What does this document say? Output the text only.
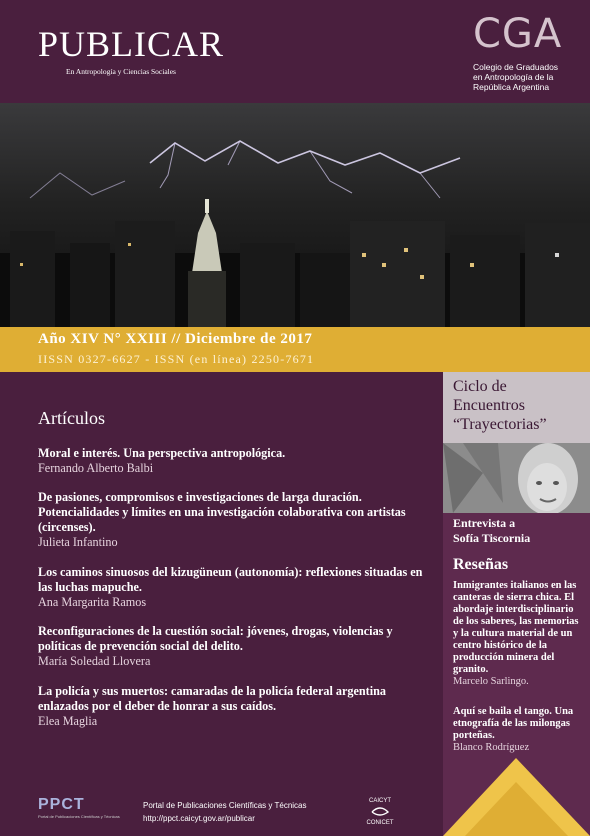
PUBLICAR
En Antropología y Ciencias Sociales
CGA
Colegio de Graduados
en Antropología de la
República Argentina
Año XIV N° XXIII // Diciembre de 2017
IISSN 0327-6627 - ISSN (en línea) 2250-7671
Ciclo de
Encuentros
“Trayectorias”
Entrevista a
Sofía Tiscornia
Reseñas
Inmigrantes italianos en las canteras de sierra chica. El abordaje interdisciplinario de los saberes, las memorias y la cultura material de un centro histórico de la producción minera del granito.
Marcelo Sarlingo.
Aquí se baila el tango. Una etnografía de las milongas porteñas.
Blanco Rodríguez
Artículos
Moral e interés. Una perspectiva antropológica.
Fernando Alberto Balbi
De pasiones, compromisos e investigaciones de larga duración. Potencialidades y límites en una investigación colaborativa con artistas (circenses).
Julieta Infantino
Los caminos sinuosos del kizugüneun (autonomía): reflexiones situadas en las luchas mapuche.
Ana Margarita Ramos
Reconfiguraciones de la cuestión social: jóvenes, drogas, violencias y políticas de prevención social del delito.
María Soledad Llovera
La policía y sus muertos: camaradas de la policía federal argentina enlazados por el deber de honrar a sus caídos.
Elea Maglia
PPCT
Portal de Publicaciones Científicas y Técnicas
Portal de Publicaciones Científicas y Técnicas
http://ppct.caicyt.gov.ar/publicar
CAICYT
CONICET
